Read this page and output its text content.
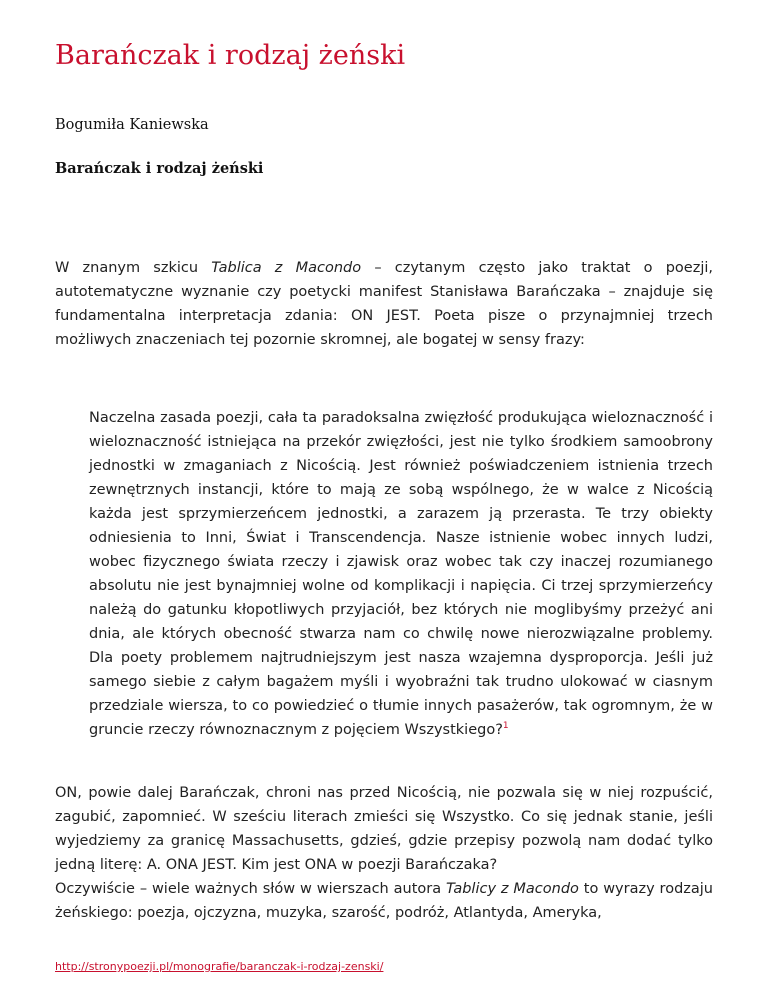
Barańczak i rodzaj żeński
Bogumiła Kaniewska
Barańczak i rodzaj żeński

W znanym szkicu Tablica z Macondo – czytanym często jako traktat o poezji, autotematyczne wyznanie czy poetycki manifest Stanisława Barańczaka – znajduje się fundamentalna interpretacja zdania: ON JEST. Poeta pisze o przynajmniej trzech możliwych znaczeniach tej pozornie skromnej, ale bogatej w sensy frazy:

Naczelna zasada poezji, cała ta paradoksalna zwięzłość produkująca wieloznaczność i wieloznaczność istniejąca na przekór zwięzłości, jest nie tylko środkiem samoobrony jednostki w zmaganiach z Nicością. Jest również poświadczeniem istnienia trzech zewnętrznych instancji, które to mają ze sobą wspólnego, że w walce z Nicością każda jest sprzymierzeńcem jednostki, a zarazem ją przerasta. Te trzy obiekty odniesienia to Inni, Świat i Transcendencja. Nasze istnienie wobec innych ludzi, wobec fizycznego świata rzeczy i zjawisk oraz wobec tak czy inaczej rozumianego absolutu nie jest bynajmniej wolne od komplikacji i napięcia. Ci trzej sprzymierzeńcy należą do gatunku kłopotliwych przyjaciół, bez których nie moglibyśmy przeżyć ani dnia, ale których obecność stwarza nam co chwilę nowe nierozwiązalne problemy. Dla poety problemem najtrudniejszym jest nasza wzajemna dysproporcja. Jeśli już samego siebie z całym bagażem myśli i wyobraźni tak trudno ulokować w ciasnym przedziale wiersza, to co powiedzieć o tłumie innych pasażerów, tak ogromnym, że w gruncie rzeczy równoznacznym z pojęciem Wszystkiego?$^1$

ON, powie dalej Barańczak, chroni nas przed Nicością, nie pozwala się w niej rozpuścić, zagubić, zapomnieć. W sześciu literach zmieści się Wszystko. Co się jednak stanie, jeśli wyjedziemy za granicę Massachusetts, gdzieś, gdzie przepisy pozwolą nam dodać tylko jedną literę: A. ONA JEST. Kim jest ONA w poezji Barańczaka?

Oczywiście – wiele ważnych słów w wierszach autora Tablicy z Macondo to wyrazy rodzaju żeńskiego: poezja, ojczyzna, muzyka, szarość, podróż, Atlantyda, Ameryka,

http://stronypoezji.pl/monografie/baranczak-i-rodzaj-zenski/
